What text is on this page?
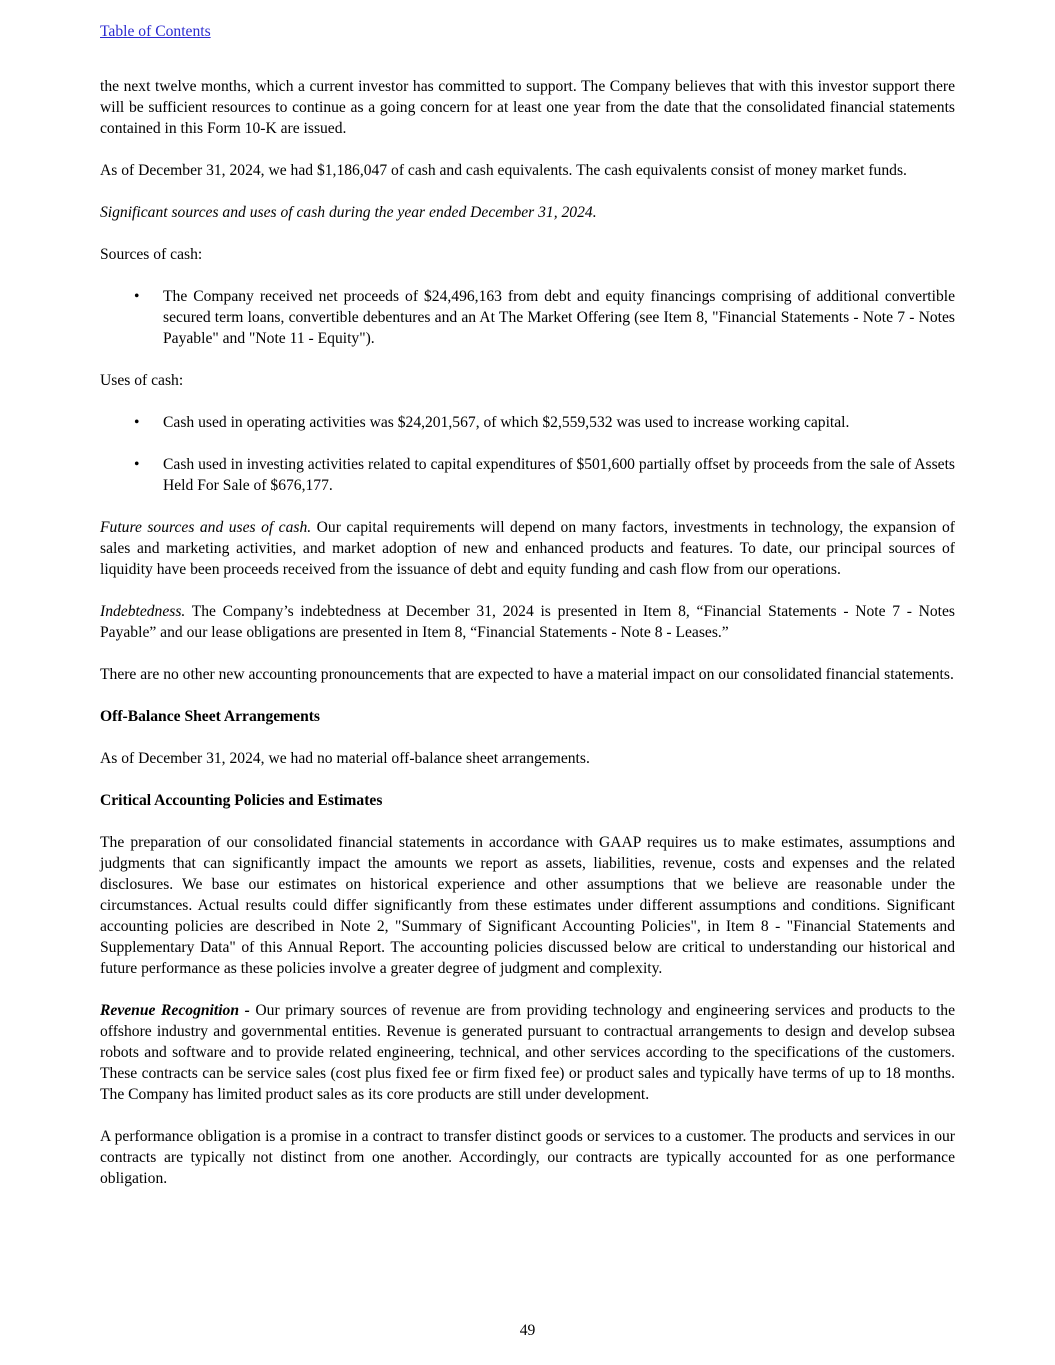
Table of Contents

the next twelve months, which a current investor has committed to support. The Company believes that with this investor support there will be sufficient resources to continue as a going concern for at least one year from the date that the consolidated financial statements contained in this Form 10-K are issued.

As of December 31, 2024, we had $1,186,047 of cash and cash equivalents. The cash equivalents consist of money market funds.

Significant sources and uses of cash during the year ended December 31, 2024.

Sources of cash:

• The Company received net proceeds of $24,496,163 from debt and equity financings comprising of additional convertible secured term loans, convertible debentures and an At The Market Offering (see Item 8, "Financial Statements - Note 7 - Notes Payable" and "Note 11 - Equity").

Uses of cash:

• Cash used in operating activities was $24,201,567, of which $2,559,532 was used to increase working capital.
• Cash used in investing activities related to capital expenditures of $501,600 partially offset by proceeds from the sale of Assets Held For Sale of $676,177.

Future sources and uses of cash. Our capital requirements will depend on many factors, investments in technology, the expansion of sales and marketing activities, and market adoption of new and enhanced products and features. To date, our principal sources of liquidity have been proceeds received from the issuance of debt and equity funding and cash flow from our operations.

Indebtedness. The Company’s indebtedness at December 31, 2024 is presented in Item 8, “Financial Statements - Note 7 - Notes Payable” and our lease obligations are presented in Item 8, “Financial Statements - Note 8 - Leases.”

There are no other new accounting pronouncements that are expected to have a material impact on our consolidated financial statements.

Off-Balance Sheet Arrangements

As of December 31, 2024, we had no material off-balance sheet arrangements.

Critical Accounting Policies and Estimates

The preparation of our consolidated financial statements in accordance with GAAP requires us to make estimates, assumptions and judgments that can significantly impact the amounts we report as assets, liabilities, revenue, costs and expenses and the related disclosures. We base our estimates on historical experience and other assumptions that we believe are reasonable under the circumstances. Actual results could differ significantly from these estimates under different assumptions and conditions. Significant accounting policies are described in Note 2, "Summary of Significant Accounting Policies", in Item 8 - "Financial Statements and Supplementary Data" of this Annual Report. The accounting policies discussed below are critical to understanding our historical and future performance as these policies involve a greater degree of judgment and complexity.

Revenue Recognition - Our primary sources of revenue are from providing technology and engineering services and products to the offshore industry and governmental entities. Revenue is generated pursuant to contractual arrangements to design and develop subsea robots and software and to provide related engineering, technical, and other services according to the specifications of the customers. These contracts can be service sales (cost plus fixed fee or firm fixed fee) or product sales and typically have terms of up to 18 months. The Company has limited product sales as its core products are still under development.

A performance obligation is a promise in a contract to transfer distinct goods or services to a customer. The products and services in our contracts are typically not distinct from one another. Accordingly, our contracts are typically accounted for as one performance obligation.

49
